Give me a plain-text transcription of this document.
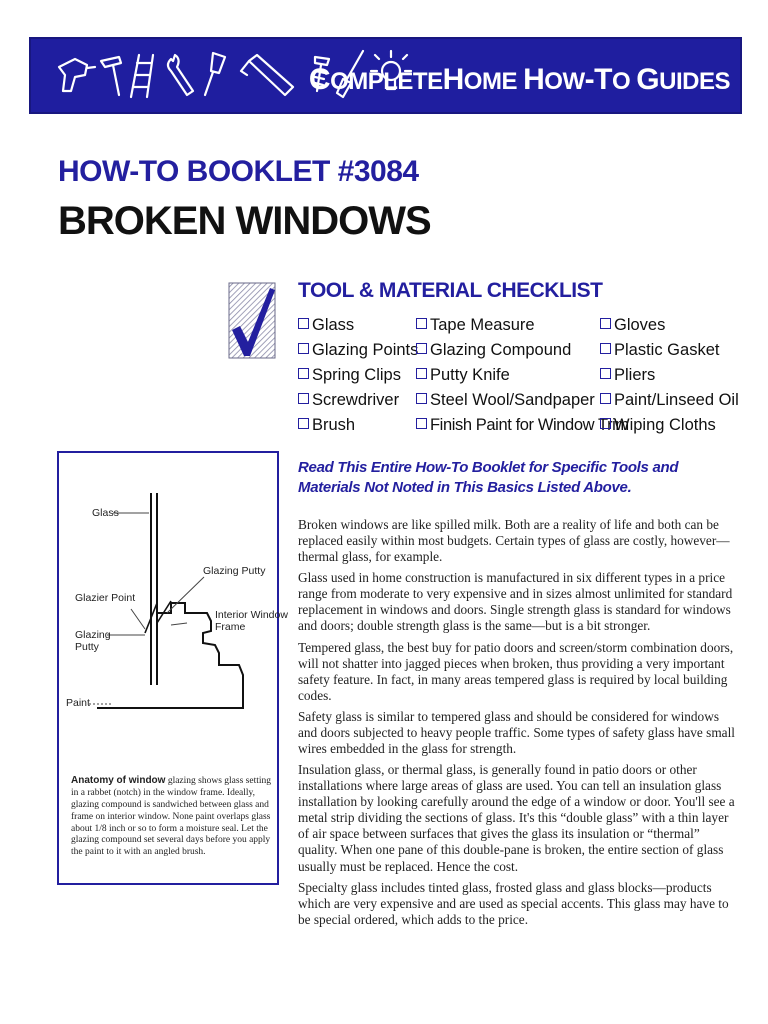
COMPLETEHOME HOW-TO GUIDES
HOW-TO BOOKLET #3084
BROKEN WINDOWS
TOOL & MATERIAL CHECKLIST
Glass
Glazing Points
Spring Clips
Screwdriver
Brush
Tape Measure
Glazing Compound
Putty Knife
Steel Wool/Sandpaper
Finish Paint for Window Trim
Gloves
Plastic Gasket
Pliers
Paint/Linseed Oil
Wiping Cloths
Glass
Glazing Putty
Glazier Point
Interior Window
Frame
Glazing
Putty
Paint
Anatomy of window glazing shows glass setting in a rabbet (notch) in the window frame. Ideally, glazing compound is sandwiched between glass and frame on interior window. None paint overlaps glass about 1/8 inch or so to form a moisture seal. Let the glazing compound set several days before you apply the paint to it with an angled brush.
Read This Entire How-To Booklet for Specific Tools and Materials Not Noted in This Basics Listed Above.

Broken windows are like spilled milk. Both are a reality of life and both can be replaced easily within most budgets. Certain types of glass are costly, however—thermal glass, for example.

Glass used in home construction is manufactured in six different types in a price range from moderate to very expensive and in sizes almost unlimited for standard replacement in windows and doors. Single strength glass is standard for windows and doors; double strength glass is the same—but is a bit stronger.

Tempered glass, the best buy for patio doors and screen/storm combination doors, will not shatter into jagged pieces when broken, thus providing a very important safety feature. In fact, in many areas tempered glass is required by local building codes.

Safety glass is similar to tempered glass and should be considered for windows and doors subjected to heavy people traffic. Some types of safety glass have small wires embedded in the glass for strength.

Insulation glass, or thermal glass, is generally found in patio doors or other installations where large areas of glass are used. You can tell an insulation glass installation by looking carefully around the edge of a window or door. You'll see a metal strip dividing the sections of glass. It's this “double glass” with a thin layer of air space between surfaces that gives the glass its insulation or “thermal” quality. When one pane of this double-pane is broken, the entire section of glass usually must be replaced. Hence the cost.

Specialty glass includes tinted glass, frosted glass and glass blocks—products which are very expensive and are used as special accents. This glass may have to be special ordered, which adds to the price.
